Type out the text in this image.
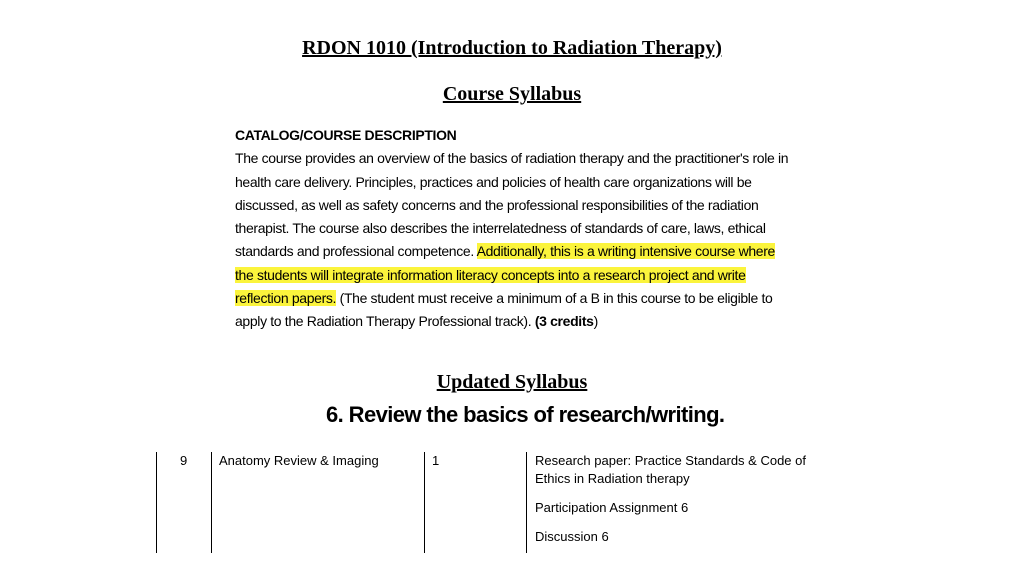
RDON 1010 (Introduction to Radiation Therapy)
Course Syllabus
CATALOG/COURSE DESCRIPTION
The course provides an overview of the basics of radiation therapy and the practitioner's role in
health care delivery. Principles, practices and policies of health care organizations will be
discussed, as well as safety concerns and the professional responsibilities of the radiation
therapist. The course also describes the interrelatedness of standards of care, laws, ethical
standards and professional competence. Additionally, this is a writing intensive course where
the students will integrate information literacy concepts into a research project and write
reflection papers. (The student must receive a minimum of a B in this course to be eligible to
apply to the Radiation Therapy Professional track). (3 credits)
Updated Syllabus
6. Review the basics of research/writing.
9 Anatomy Review & Imaging	1	Research paper: Practice Standards & Code of Ethics in Radiation therapy
Participation Assignment 6
Discussion 6
